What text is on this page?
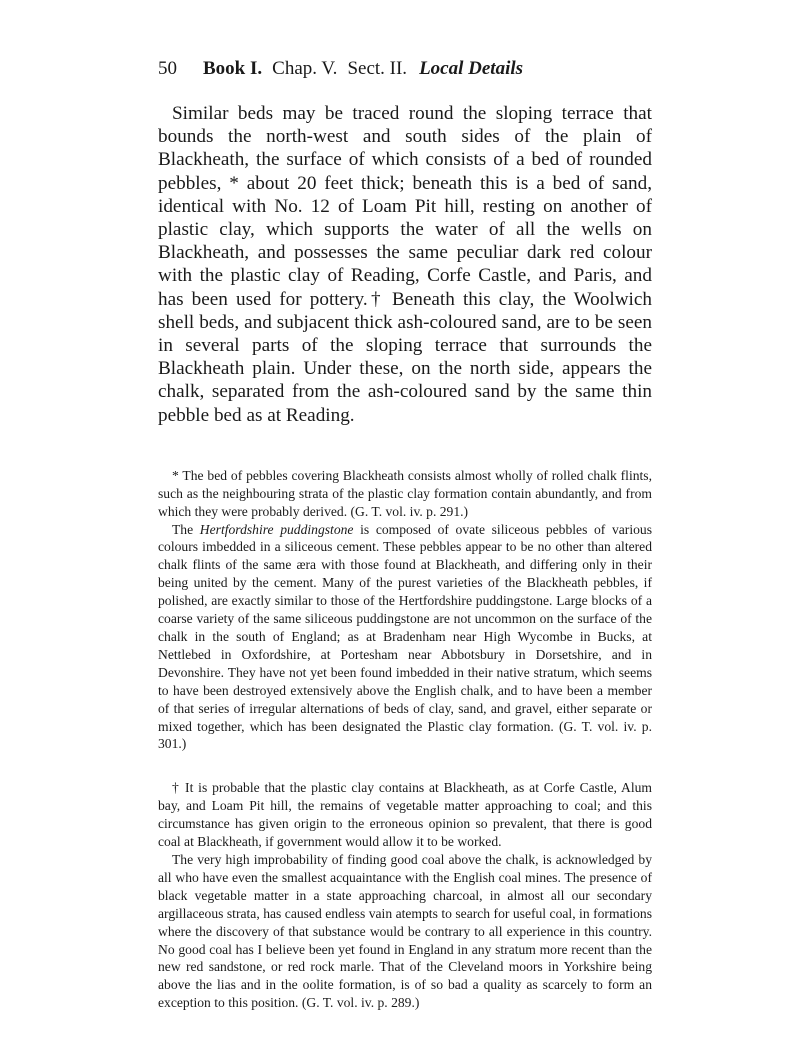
50 Book I. Chap. V. Sect. II. Local Details

Similar beds may be traced round the sloping terrace that bounds the north-west and south sides of the plain of Blackheath, the surface of which consists of a bed of rounded pebbles, * about 20 feet thick; beneath this is a bed of sand, identical with No. 12 of Loam Pit hill, resting on another of plastic clay, which supports the water of all the wells on Blackheath, and possesses the same peculiar dark red colour with the plastic clay of Reading, Corfe Castle, and Paris, and has been used for pottery.† Beneath this clay, the Woolwich shell beds, and subjacent thick ash-coloured sand, are to be seen in several parts of the sloping terrace that surrounds the Blackheath plain. Under these, on the north side, appears the chalk, separated from the ash-coloured sand by the same thin pebble bed as at Reading.

* The bed of pebbles covering Blackheath consists almost wholly of rolled chalk flints, such as the neighbouring strata of the plastic clay formation contain abundantly, and from which they were probably derived. (G. T. vol. iv. p. 291.)

The Hertfordshire puddingstone is composed of ovate siliceous pebbles of various colours imbedded in a siliceous cement. These pebbles appear to be no other than altered chalk flints of the same æra with those found at Blackheath, and differing only in their being united by the cement. Many of the purest varieties of the Blackheath pebbles, if polished, are exactly similar to those of the Hertfordshire puddingstone. Large blocks of a coarse variety of the same siliceous puddingstone are not uncommon on the surface of the chalk in the south of England; as at Bradenham near High Wycombe in Bucks, at Nettlebed in Oxfordshire, at Portesham near Abbotsbury in Dorsetshire, and in Devonshire. They have not yet been found imbedded in their native stratum, which seems to have been destroyed extensively above the English chalk, and to have been a member of that series of irregular alternations of beds of clay, sand, and gravel, either separate or mixed together, which has been designated the Plastic clay formation. (G. T. vol. iv. p. 301.)

† It is probable that the plastic clay contains at Blackheath, as at Corfe Castle, Alum bay, and Loam Pit hill, the remains of vegetable matter approaching to coal; and this circumstance has given origin to the erroneous opinion so prevalent, that there is good coal at Blackheath, if government would allow it to be worked.

The very high improbability of finding good coal above the chalk, is acknowledged by all who have even the smallest acquaintance with the English coal mines. The presence of black vegetable matter in a state approaching charcoal, in almost all our secondary argillaceous strata, has caused endless vain atempts to search for useful coal, in formations where the discovery of that substance would be contrary to all experience in this country. No good coal has I believe been yet found in England in any stratum more recent than the new red sandstone, or red rock marle. That of the Cleveland moors in Yorkshire being above the lias and in the oolite formation, is of so bad a quality as scarcely to form an exception to this position. (G. T. vol. iv. p. 289.)
